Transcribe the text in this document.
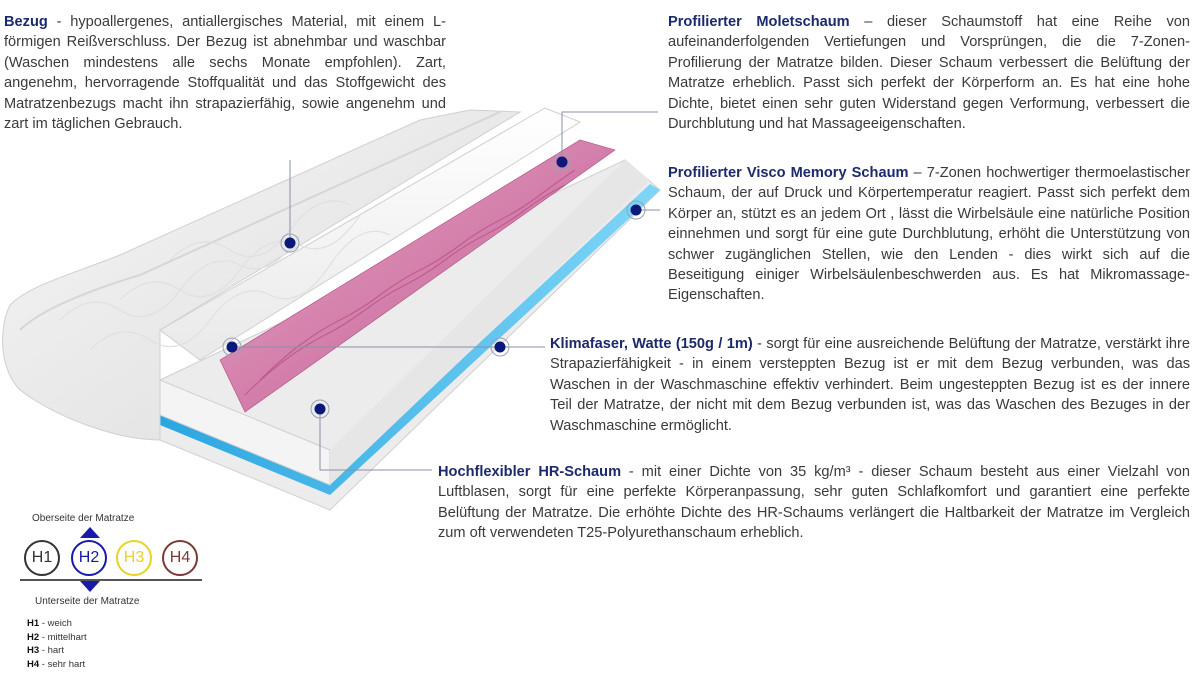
Bezug - hypoallergenes, antiallergisches Material, mit einem L-förmigen Reißverschluss. Der Bezug ist abnehmbar und waschbar (Waschen mindestens alle sechs Monate empfohlen). Zart, angenehm, hervorragende Stoffqualität und das Stoffgewicht des Matratzenbezugs macht ihn strapazierfähig, sowie angenehm und zart im täglichen Gebrauch.
Profilierter Moletschaum – dieser Schaumstoff hat eine Reihe von aufeinanderfolgenden Vertiefungen und Vorsprüngen, die die 7-Zonen-Profilierung der Matratze bilden. Dieser Schaum verbessert die Belüftung der Matratze erheblich. Passt sich perfekt der Körperform an. Es hat eine hohe Dichte, bietet einen sehr guten Widerstand gegen Verformung, verbessert die Durchblutung und hat Massageeigenschaften.
Profilierter Visco Memory Schaum – 7-Zonen hochwertiger thermoelastischer Schaum, der auf Druck und Körpertemperatur reagiert. Passt sich perfekt dem Körper an, stützt es an jedem Ort , lässt die Wirbelsäule eine natürliche Position einnehmen und sorgt für eine gute Durchblutung, erhöht die Unterstützung von schwer zugänglichen Stellen, wie den Lenden - dies wirkt sich auf die Beseitigung einiger Wirbelsäulenbeschwerden aus. Es hat Mikromassage-Eigenschaften.
Klimafaser, Watte (150g / 1m) - sorgt für eine ausreichende Belüftung der Matratze, verstärkt ihre Strapazierfähigkeit - in einem versteppten Bezug ist er mit dem Bezug verbunden, was das Waschen in der Waschmaschine effektiv verhindert. Beim ungesteppten Bezug ist es der innere Teil der Matratze, der nicht mit dem Bezug verbunden ist, was das Waschen des Bezuges in der Waschmaschine ermöglicht.
Hochflexibler HR-Schaum - mit einer Dichte von 35 kg/m³ - dieser Schaum besteht aus einer Vielzahl von Luftblasen, sorgt für eine perfekte Körperanpassung, sehr guten Schlafkomfort und garantiert eine perfekte Belüftung der Matratze. Die erhöhte Dichte des HR-Schaums verlängert die Haltbarkeit der Matratze im Vergleich zum oft verwendeten T25-Polyurethanschaum erheblich.
Oberseite der Matratze
H1	H2	H3	H4
Unterseite der Matratze
H1 - weich
H2 - mittelhart
H3 - hart
H4 - sehr hart
